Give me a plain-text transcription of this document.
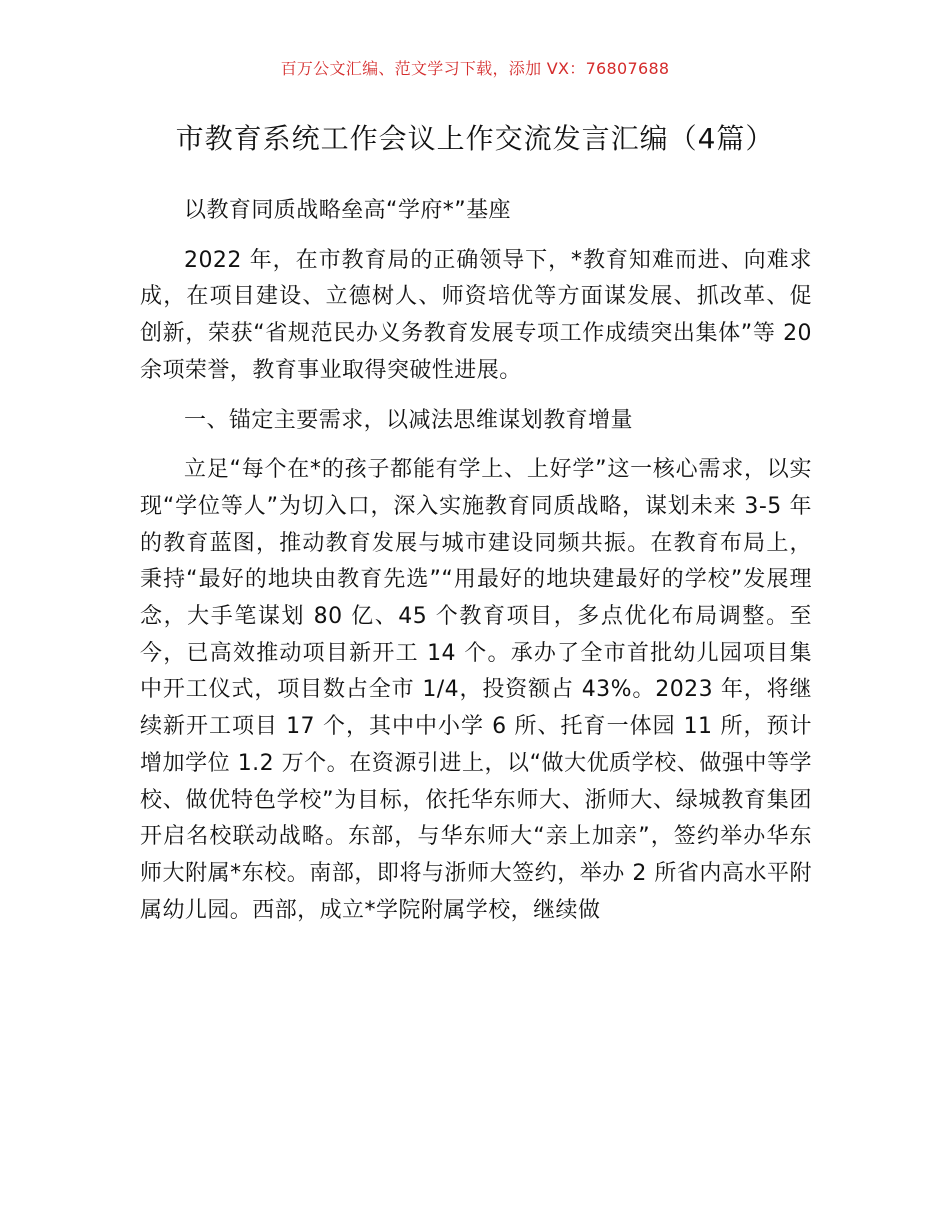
百万公文汇编、范文学习下载，添加 VX：76807688
市教育系统工作会议上作交流发言汇编（4篇）

以教育同质战略垒高“学府*”基座

2022 年，在市教育局的正确领导下，*教育知难而进、向难求成，在项目建设、立德树人、师资培优等方面谋发展、抓改革、促创新，荣获“省规范民办义务教育发展专项工作成绩突出集体”等 20 余项荣誉，教育事业取得突破性进展。

一、锚定主要需求，以减法思维谋划教育增量

立足“每个在*的孩子都能有学上、上好学”这一核心需求，以实现“学位等人”为切入口，深入实施教育同质战略，谋划未来 3-5 年的教育蓝图，推动教育发展与城市建设同频共振。在教育布局上，秉持“最好的地块由教育先选”“用最好的地块建最好的学校”发展理念，大手笔谋划 80 亿、45 个教育项目，多点优化布局调整。至今，已高效推动项目新开工 14 个。承办了全市首批幼儿园项目集中开工仪式，项目数占全市 1/4，投资额占 43%。2023 年，将继续新开工项目 17 个，其中中小学 6 所、托育一体园 11 所，预计增加学位 1.2 万个。在资源引进上，以“做大优质学校、做强中等学校、做优特色学校”为目标，依托华东师大、浙师大、绿城教育集团开启名校联动战略。东部，与华东师大“亲上加亲”，签约举办华东师大附属*东校。南部，即将与浙师大签约，举办 2 所省内高水平附属幼儿园。西部，成立*学院附属学校，继续做
